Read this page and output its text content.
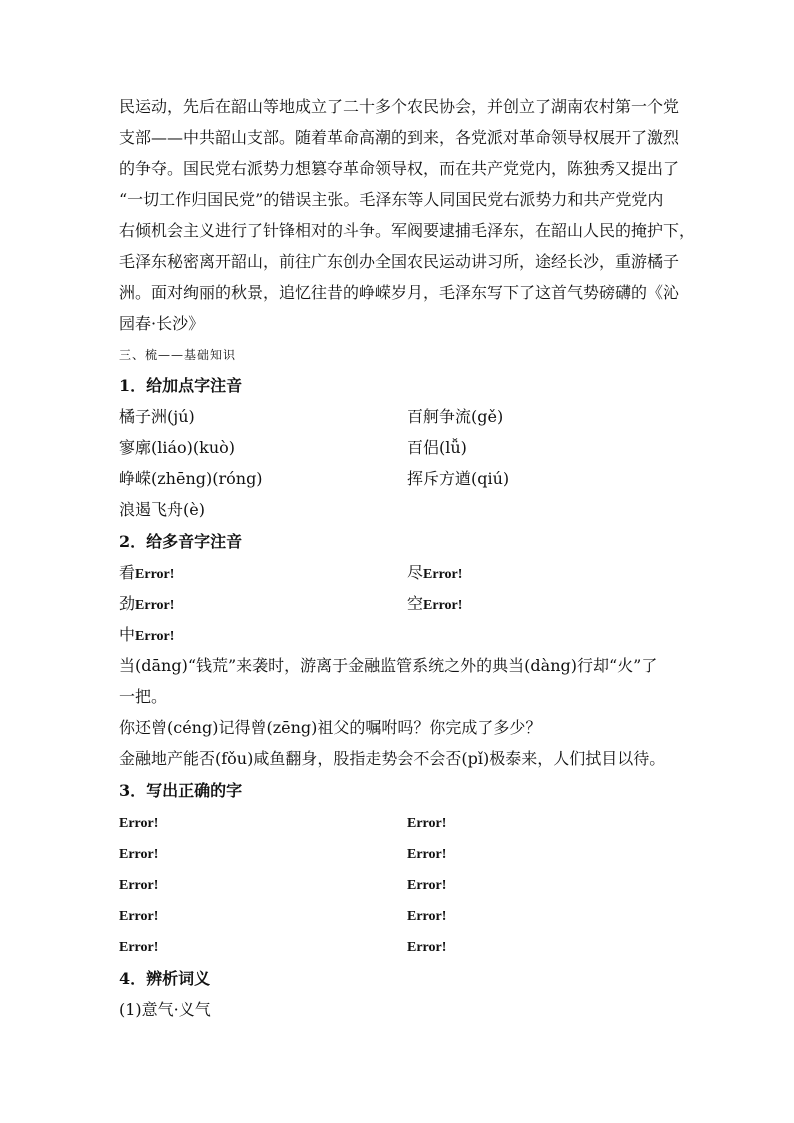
民运动，先后在韶山等地成立了二十多个农民协会，并创立了湖南农村第一个党
支部——中共韶山支部。随着革命高潮的到来，各党派对革命领导权展开了激烈
的争夺。国民党右派势力想篡夺革命领导权，而在共产党党内，陈独秀又提出了
“一切工作归国民党”的错误主张。毛泽东等人同国民党右派势力和共产党党内
右倾机会主义进行了针锋相对的斗争。军阀要逮捕毛泽东，在韶山人民的掩护下，
毛泽东秘密离开韶山，前往广东创办全国农民运动讲习所，途经长沙，重游橘子
洲。面对绚丽的秋景，追忆往昔的峥嵘岁月，毛泽东写下了这首气势磅礴的《沁
园春·长沙》
三、梳——基础知识
1．给加点字注音
橘子洲(jú)	百舸争流(gě)
寥廓(liáo)(kuò)	百侣(lǚ)
峥嵘(zhēng)(róng)	挥斥方遒(qiú)
浪遏飞舟(è)
2．给多音字注音
看Error!	尽Error!
劲Error!	空Error!
中Error!
当(dāng)“钱荒”来袭时，游离于金融监管系统之外的典当(dàng)行却“火”了
一把。
你还曾(céng)记得曾(zēng)祖父的嘱咐吗？你完成了多少？
金融地产能否(fǒu)咸鱼翻身，股指走势会不会否(pǐ)极泰来，人们拭目以待。
3．写出正确的字
Error!	Error!
Error!	Error!
Error!	Error!
Error!	Error!
Error!	Error!
4．辨析词义
(1)意气·义气
